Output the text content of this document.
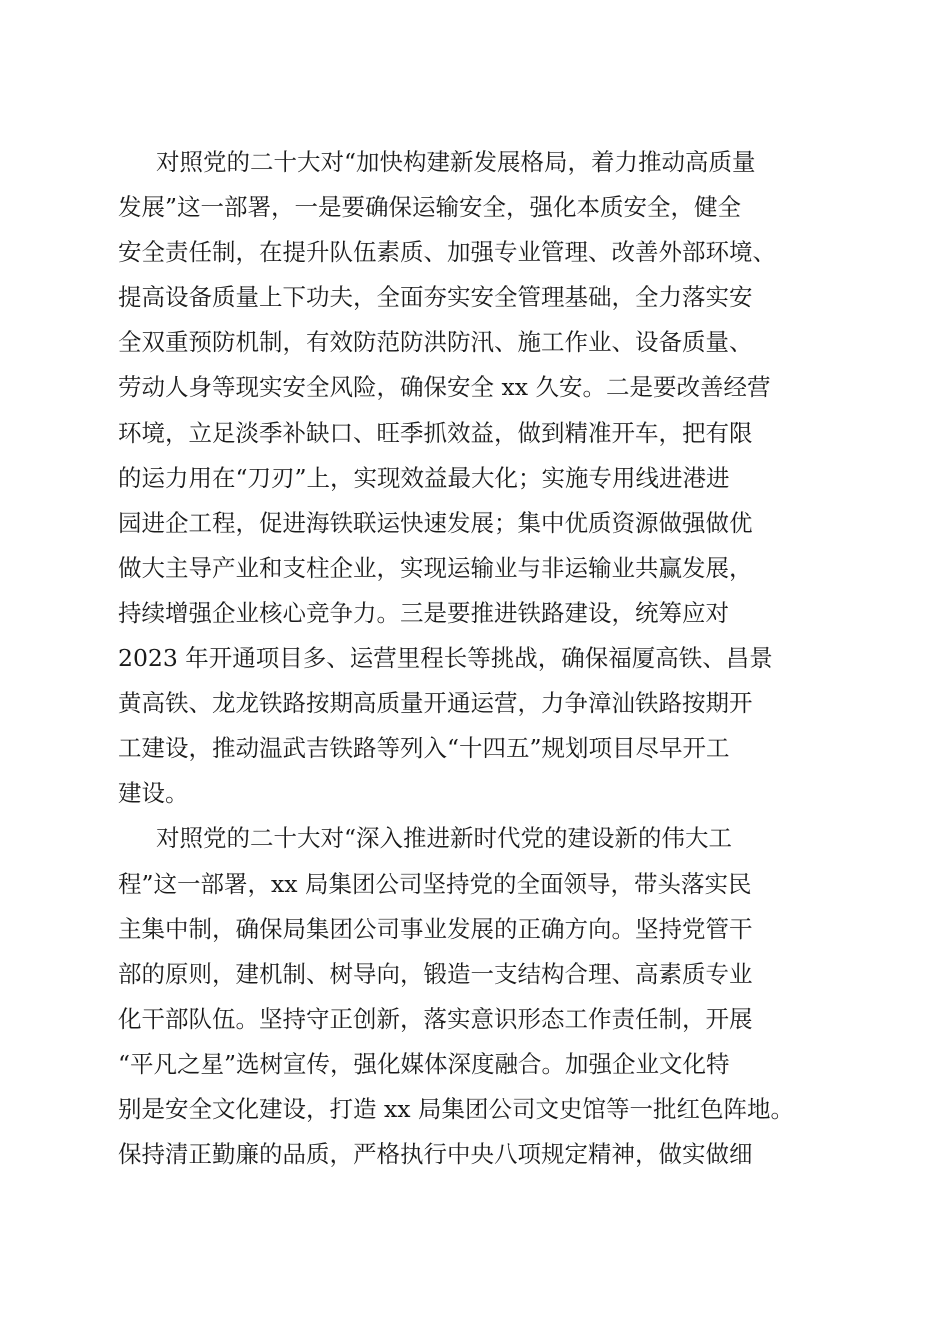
对照党的二十大对“加快构建新发展格局，着力推动高质量
发展”这一部署，一是要确保运输安全，强化本质安全，健全
安全责任制，在提升队伍素质、加强专业管理、改善外部环境、
提高设备质量上下功夫，全面夯实安全管理基础，全力落实安
全双重预防机制，有效防范防洪防汛、施工作业、设备质量、
劳动人身等现实安全风险，确保安全 xx 久安。二是要改善经营
环境，立足淡季补缺口、旺季抓效益，做到精准开车，把有限
的运力用在“刀刃”上，实现效益最大化；实施专用线进港进
园进企工程，促进海铁联运快速发展；集中优质资源做强做优
做大主导产业和支柱企业，实现运输业与非运输业共赢发展，
持续增强企业核心竞争力。三是要推进铁路建设，统筹应对
2023 年开通项目多、运营里程长等挑战，确保福厦高铁、昌景
黄高铁、龙龙铁路按期高质量开通运营，力争漳汕铁路按期开
工建设，推动温武吉铁路等列入“十四五”规划项目尽早开工
建设。
对照党的二十大对“深入推进新时代党的建设新的伟大工
程”这一部署，xx 局集团公司坚持党的全面领导，带头落实民
主集中制，确保局集团公司事业发展的正确方向。坚持党管干
部的原则，建机制、树导向，锻造一支结构合理、高素质专业
化干部队伍。坚持守正创新，落实意识形态工作责任制，开展
“平凡之星”选树宣传，强化媒体深度融合。加强企业文化特
别是安全文化建设，打造 xx 局集团公司文史馆等一批红色阵地。
保持清正勤廉的品质，严格执行中央八项规定精神，做实做细
